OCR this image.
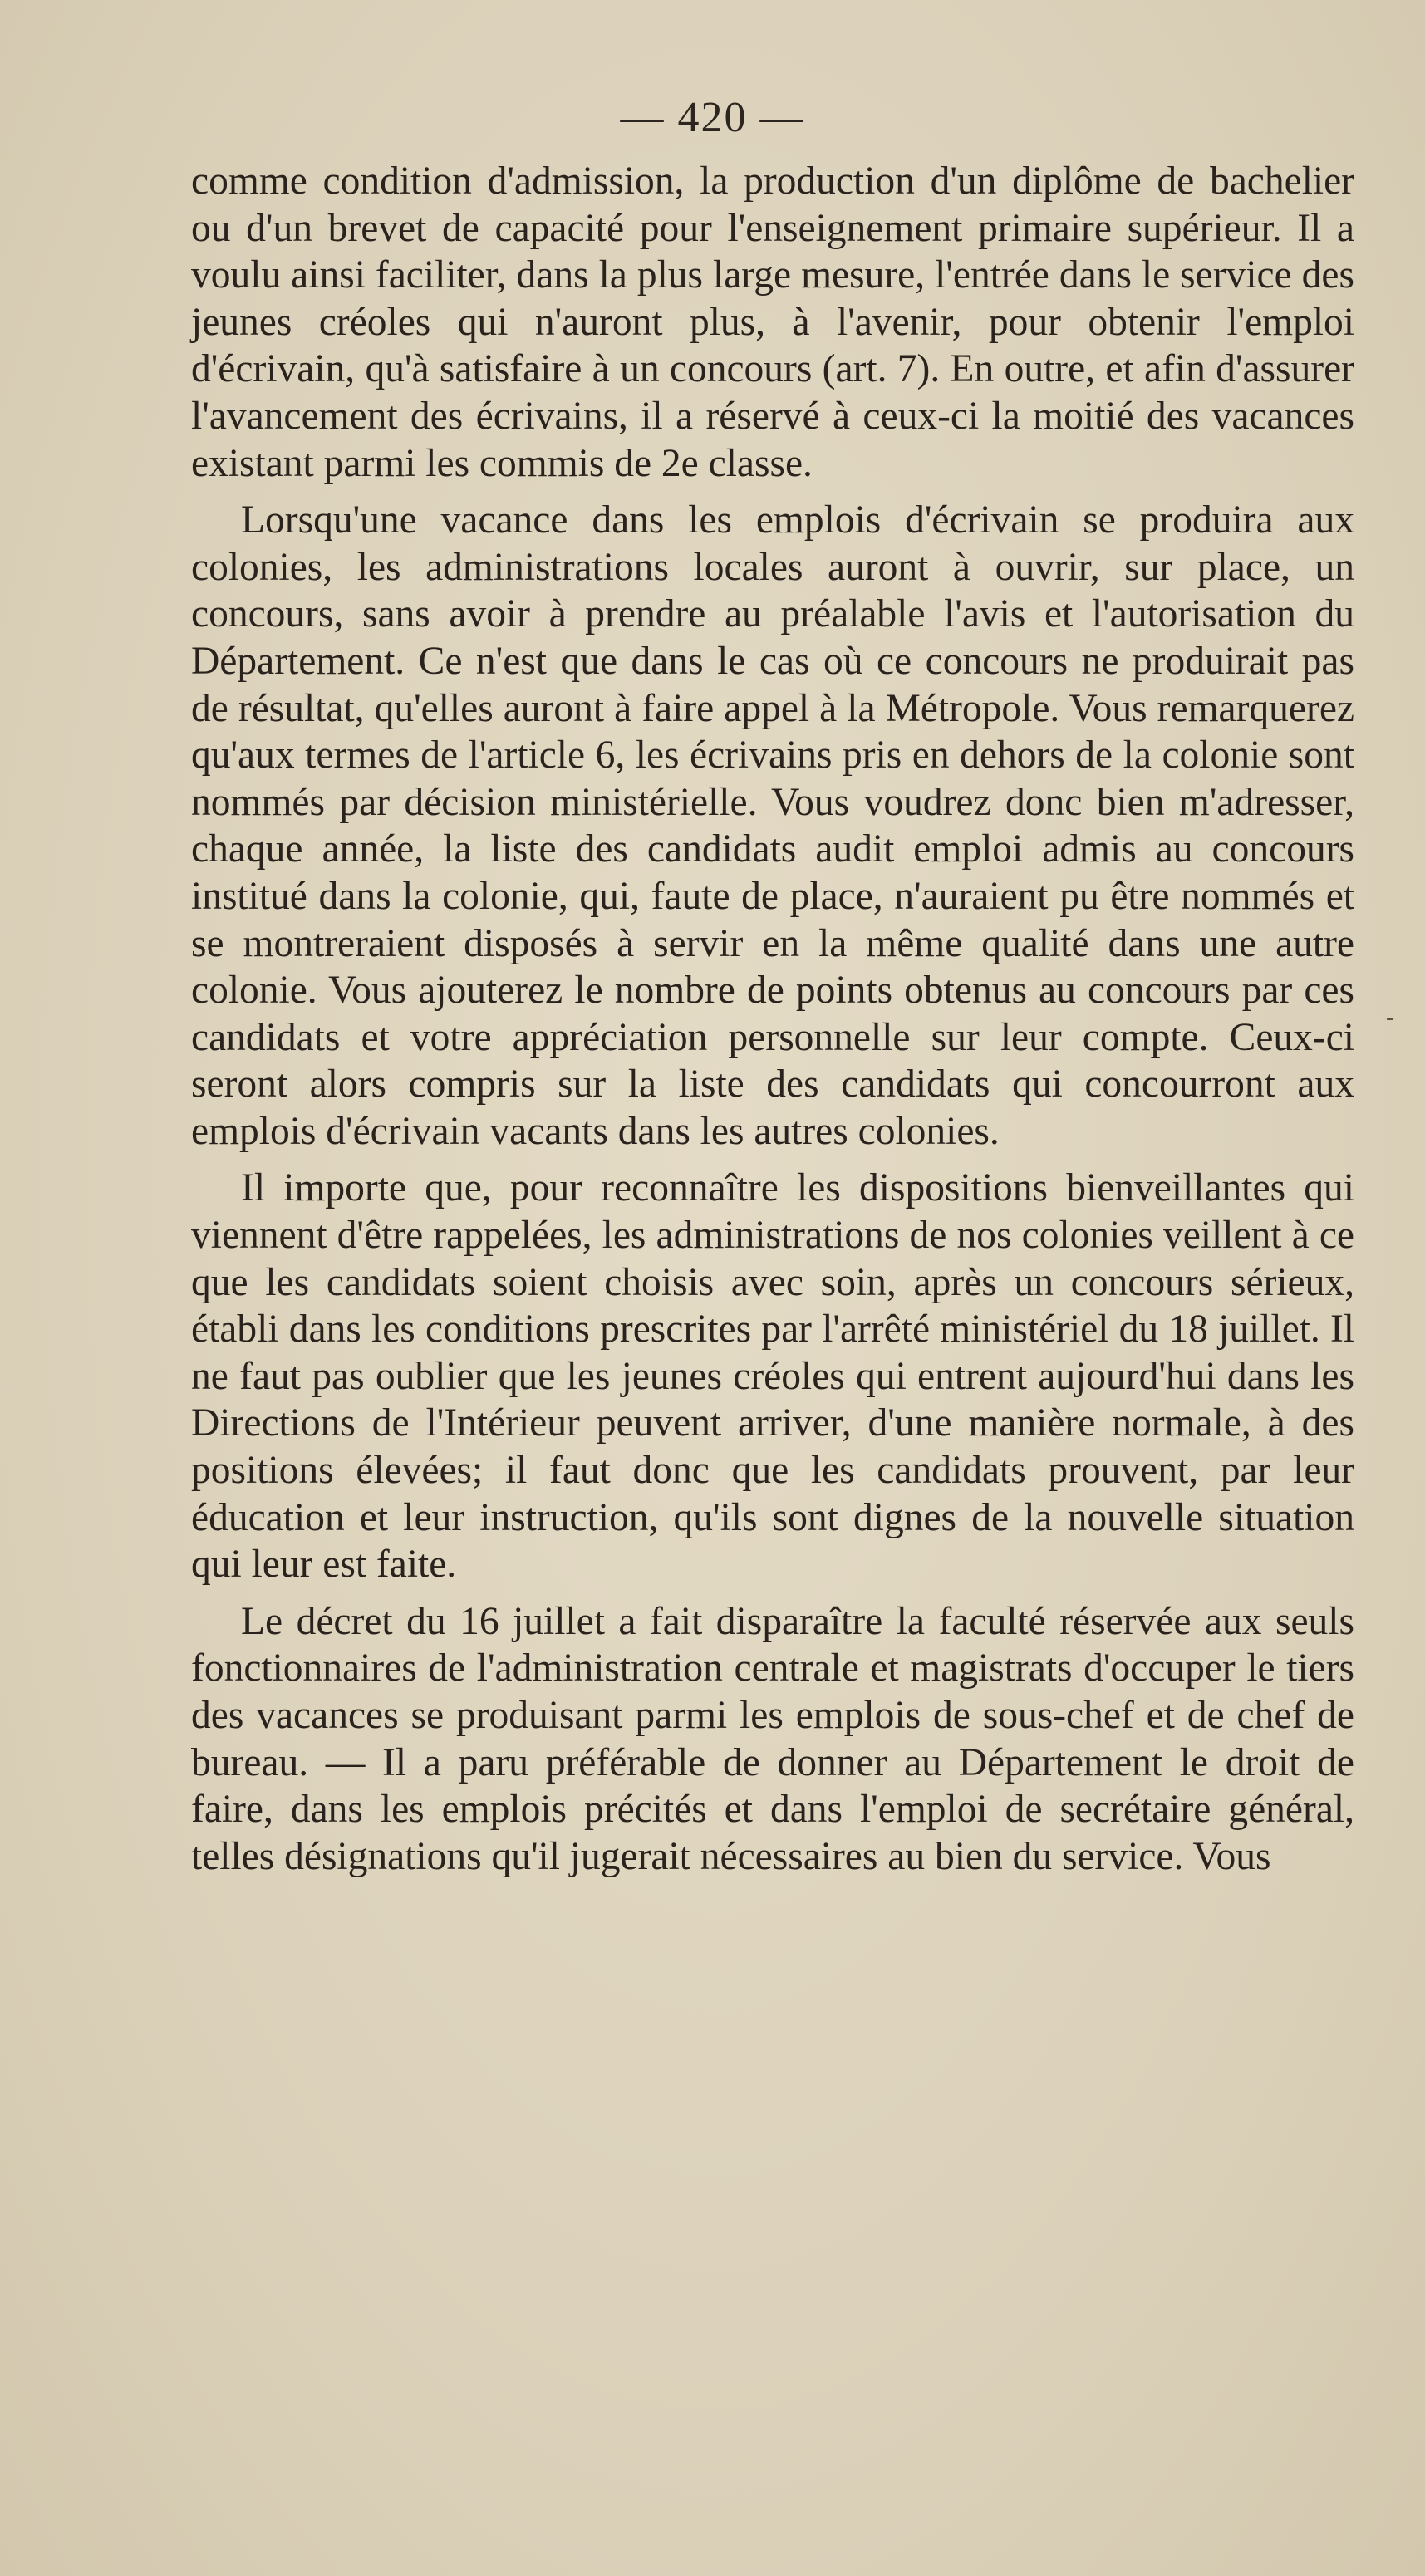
— 420 —

comme condition d'admission, la production d'un diplôme de bachelier ou d'un brevet de capacité pour l'enseignement primaire supérieur. Il a voulu ainsi faciliter, dans la plus large mesure, l'entrée dans le service des jeunes créoles qui n'auront plus, à l'avenir, pour obtenir l'emploi d'écrivain, qu'à satisfaire à un concours (art. 7). En outre, et afin d'assurer l'avancement des écrivains, il a réservé à ceux-ci la moitié des vacances existant parmi les commis de 2e classe.

Lorsqu'une vacance dans les emplois d'écrivain se produira aux colonies, les administrations locales auront à ouvrir, sur place, un concours, sans avoir à prendre au préalable l'avis et l'autorisation du Département. Ce n'est que dans le cas où ce concours ne produirait pas de résultat, qu'elles auront à faire appel à la Métropole. Vous remarquerez qu'aux termes de l'article 6, les écrivains pris en dehors de la colonie sont nommés par décision ministérielle. Vous voudrez donc bien m'adresser, chaque année, la liste des candidats audit emploi admis au concours institué dans la colonie, qui, faute de place, n'auraient pu être nommés et se montreraient disposés à servir en la même qualité dans une autre colonie. Vous ajouterez le nombre de points obtenus au concours par ces candidats et votre appréciation personnelle sur leur compte. Ceux-ci seront alors compris sur la liste des candidats qui concourront aux emplois d'écrivain vacants dans les autres colonies.

Il importe que, pour reconnaître les dispositions bienveillantes qui viennent d'être rappelées, les administrations de nos colonies veillent à ce que les candidats soient choisis avec soin, après un concours sérieux, établi dans les conditions prescrites par l'arrêté ministériel du 18 juillet. Il ne faut pas oublier que les jeunes créoles qui entrent aujourd'hui dans les Directions de l'Intérieur peuvent arriver, d'une manière normale, à des positions élevées; il faut donc que les candidats prouvent, par leur éducation et leur instruction, qu'ils sont dignes de la nouvelle situation qui leur est faite.

Le décret du 16 juillet a fait disparaître la faculté réservée aux seuls fonctionnaires de l'administration centrale et magistrats d'occuper le tiers des vacances se produisant parmi les emplois de sous-chef et de chef de bureau. — Il a paru préférable de donner au Département le droit de faire, dans les emplois précités et dans l'emploi de secrétaire général, telles désignations qu'il jugerait nécessaires au bien du service. Vous

-
